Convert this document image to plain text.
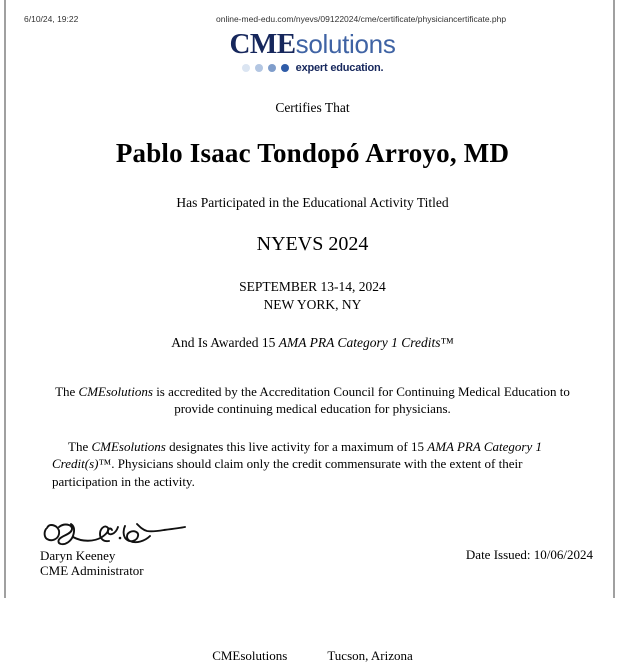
6/10/24, 19:22	online-med-edu.com/nyevs/09122024/cme/certificate/physiciancertificate.php
CMEsolutions
expert education.
Certifies That
Pablo Isaac Tondopó Arroyo, MD
Has Participated in the Educational Activity Titled
NYEVS 2024
SEPTEMBER 13-14, 2024
NEW YORK, NY
And Is Awarded 15 AMA PRA Category 1 Credits™
The CMEsolutions is accredited by the Accreditation Council for Continuing Medical Education to provide continuing medical education for physicians.
The CMEsolutions designates this live activity for a maximum of 15 AMA PRA Category 1 Credit(s)™. Physicians should claim only the credit commensurate with the extent of their participation in the activity.
Daryn Keeney
CME Administrator
Date Issued: 10/06/2024
CMEsolutions	Tucson, Arizona
